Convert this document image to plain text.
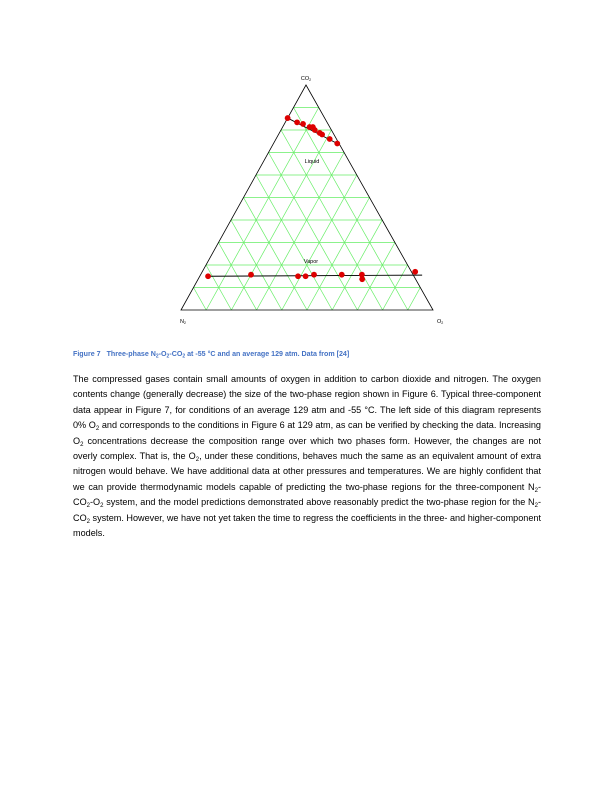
$CO_2$
$N_2$	$O_2$
Liquid
Vapor
Figure 7 Three-phase $N_2-O_2-CO_2$ at -55 °C and an average 129 atm. Data from [24]

The compressed gases contain small amounts of oxygen in addition to carbon dioxide and nitrogen. The oxygen contents change (generally decrease) the size of the two-phase region shown in Figure 6. Typical three-component data appear in Figure 7, for conditions of an average 129 atm and -55 °C. The left side of this diagram represents 0% $O_2$ and corresponds to the conditions in Figure 6 at 129 atm, as can be verified by checking the data. Increasing $O_2$ concentrations decrease the composition range over which two phases form. However, the changes are not overly complex. That is, the $O_2$, under these conditions, behaves much the same as an equivalent amount of extra nitrogen would behave. We have additional data at other pressures and temperatures. We are highly confident that we can provide thermodynamic models capable of predicting the two-phase regions for the three-component $N_2-CO_2-O_2$ system, and the model predictions demonstrated above reasonably predict the two-phase region for the $N_2-CO_2$ system. However, we have not yet taken the time to regress the coefficients in the three- and higher-component models.
